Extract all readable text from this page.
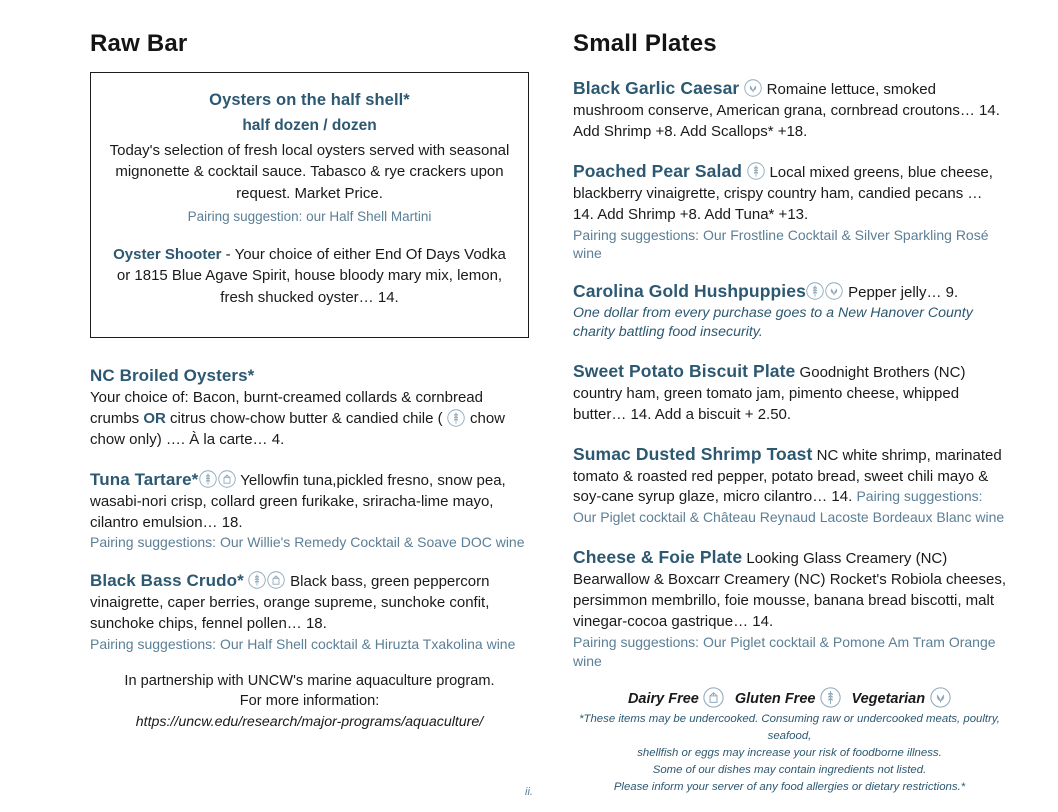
Raw Bar
Oysters on the half shell*
half dozen / dozen
Today's selection of fresh local oysters served with seasonal mignonette & cocktail sauce. Tabasco & rye crackers upon request. Market Price.
Pairing suggestion: our Half Shell Martini
Oyster Shooter - Your choice of either End Of Days Vodka or 1815 Blue Agave Spirit, house bloody mary mix, lemon, fresh shucked oyster… 14.
NC Broiled Oysters*
Your choice of: Bacon, burnt-creamed collards & cornbread crumbs OR citrus chow-chow butter & candied chile (
chow chow only) …. À la carte… 4.
Tuna Tartare*	Yellowfin tuna,pickled fresno, snow pea, wasabi-nori crisp, collard green furikake, sriracha-lime mayo, cilantro emulsion… 18.
Pairing suggestions: Our Willie's Remedy Cocktail & Soave DOC wine
Black Bass Crudo*	Black bass, green peppercorn vinaigrette, caper berries, orange supreme, sunchoke confit, sunchoke chips, fennel pollen… 18.
Pairing suggestions: Our Half Shell cocktail & Hiruzta Txakolina wine
In partnership with UNCW's marine aquaculture program.
For more information:
https://uncw.edu/research/major-programs/aquaculture/
Small Plates
Black Garlic Caesar Romaine lettuce, smoked mushroom conserve, American grana, cornbread croutons… 14. Add Shrimp +8. Add Scallops* +18.
Poached Pear Salad Local mixed greens, blue cheese, blackberry vinaigrette, crispy country ham, candied pecans … 14. Add Shrimp +8. Add Tuna* +13.
Pairing suggestions: Our Frostline Cocktail & Silver Sparkling Rosé wine
Carolina Gold Hushpuppies	Pepper jelly… 9.
One dollar from every purchase goes to a New Hanover County charity battling food insecurity.
Sweet Potato Biscuit Plate Goodnight Brothers (NC) country ham, green tomato jam, pimento cheese, whipped butter… 14. Add a biscuit + 2.50.
Sumac Dusted Shrimp Toast NC white shrimp, marinated tomato & roasted red pepper, potato bread, sweet chili mayo & soy-cane syrup glaze, micro cilantro… 14. Pairing suggestions: Our Piglet cocktail & Château Reynaud Lacoste Bordeaux Blanc wine
Cheese & Foie Plate Looking Glass Creamery (NC) Bearwallow & Boxcarr Creamery (NC) Rocket's Robiola cheeses, persimmon membrillo, foie mousse, banana bread biscotti, malt vinegar-cocoa gastrique… 14.
Pairing suggestions: Our Piglet cocktail & Pomone Am Tram Orange wine
Dairy Free Gluten Free Vegetarian
*These items may be undercooked. Consuming raw or undercooked meats, poultry, seafood,
shellfish or eggs may increase your risk of foodborne illness.
Some of our dishes may contain ingredients not listed.
Please inform your server of any food allergies or dietary restrictions.*
ii.
